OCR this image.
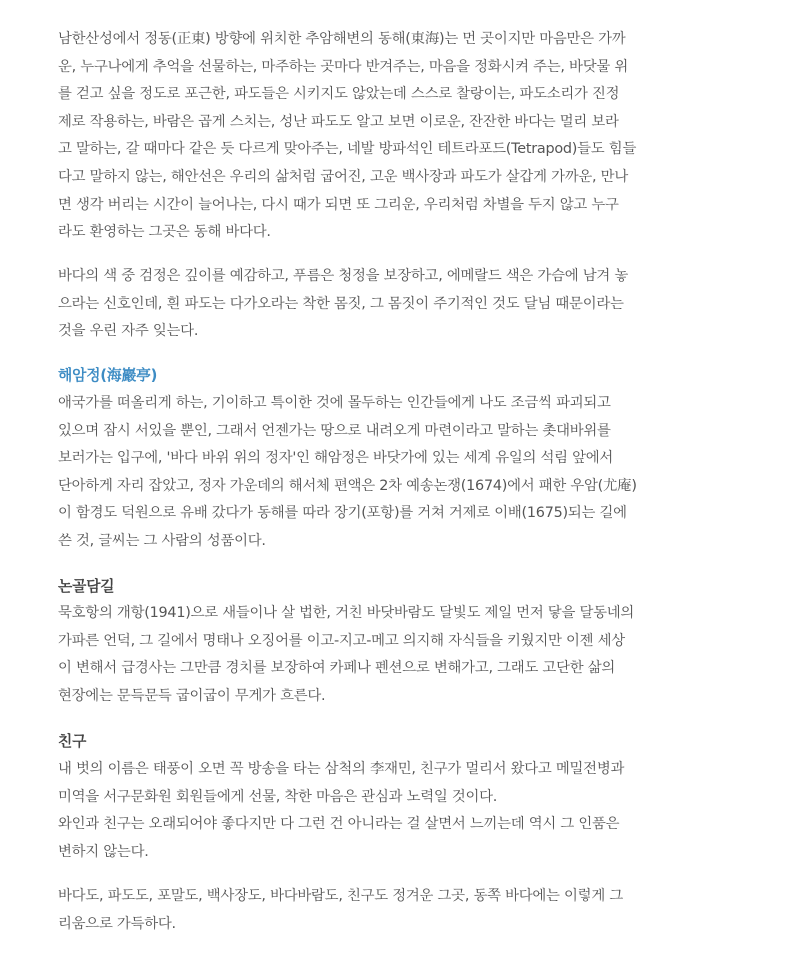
남한산성에서 정동(正東) 방향에 위치한 추암해변의 동해(東海)는 먼 곳이지만 마음만은 가까
운, 누구나에게 추억을 선물하는, 마주하는 곳마다 반겨주는, 마음을 정화시켜 주는, 바닷물 위
를 걷고 싶을 정도로 포근한, 파도들은 시키지도 않았는데 스스로 찰랑이는, 파도소리가 진정
제로 작용하는, 바람은 곱게 스치는, 성난 파도도 알고 보면 이로운, 잔잔한 바다는 멀리 보라
고 말하는, 갈 때마다 같은 듯 다르게 맞아주는, 네발 방파석인 테트라포드(Tetrapod)들도 힘들
다고 말하지 않는, 해안선은 우리의 삶처럼 굽어진, 고운 백사장과 파도가 살갑게 가까운, 만나
면 생각 버리는 시간이 늘어나는, 다시 때가 되면 또 그리운, 우리처럼 차별을 두지 않고 누구
라도 환영하는 그곳은 동해 바다다.

바다의 색 중 검정은 깊이를 예감하고, 푸름은 청정을 보장하고, 에메랄드 색은 가슴에 남겨 놓
으라는 신호인데, 흰 파도는 다가오라는 착한 몸짓, 그 몸짓이 주기적인 것도 달님 때문이라는
것을 우린 자주 잊는다.

해암정(海巖亭)

애국가를 떠올리게 하는, 기이하고 특이한 것에 몰두하는 인간들에게 나도 조금씩 파괴되고
있으며 잠시 서있을 뿐인, 그래서 언젠가는 땅으로 내려오게 마련이라고 말하는 촛대바위를
보러가는 입구에, '바다 바위 위의 정자'인 해암정은 바닷가에 있는 세계 유일의 석림 앞에서
단아하게 자리 잡았고, 정자 가운데의 해서체 편액은 2차 예송논쟁(1674)에서 패한 우암(尤庵)
이 함경도 덕원으로 유배 갔다가 동해를 따라 장기(포항)를 거쳐 거제로 이배(1675)되는 길에
쓴 것, 글씨는 그 사람의 성품이다.

논골담길

묵호항의 개항(1941)으로 새들이나 살 법한, 거친 바닷바람도 달빛도 제일 먼저 닿을 달동네의
가파른 언덕, 그 길에서 명태나 오징어를 이고-지고-메고 의지해 자식들을 키웠지만 이젠 세상
이 변해서 급경사는 그만큼 경치를 보장하여 카페나 펜션으로 변해가고, 그래도 고단한 삶의
현장에는 문득문득 굽이굽이 무게가 흐른다.

친구

내 벗의 이름은 태풍이 오면 꼭 방송을 타는 삼척의 李재민, 친구가 멀리서 왔다고 메밀전병과
미역을 서구문화원 회원들에게 선물, 착한 마음은 관심과 노력일 것이다.
와인과 친구는 오래되어야 좋다지만 다 그런 건 아니라는 걸 살면서 느끼는데 역시 그 인품은
변하지 않는다.

바다도, 파도도, 포말도, 백사장도, 바다바람도, 친구도 정겨운 그곳, 동쪽 바다에는 이렇게 그
리움으로 가득하다.
